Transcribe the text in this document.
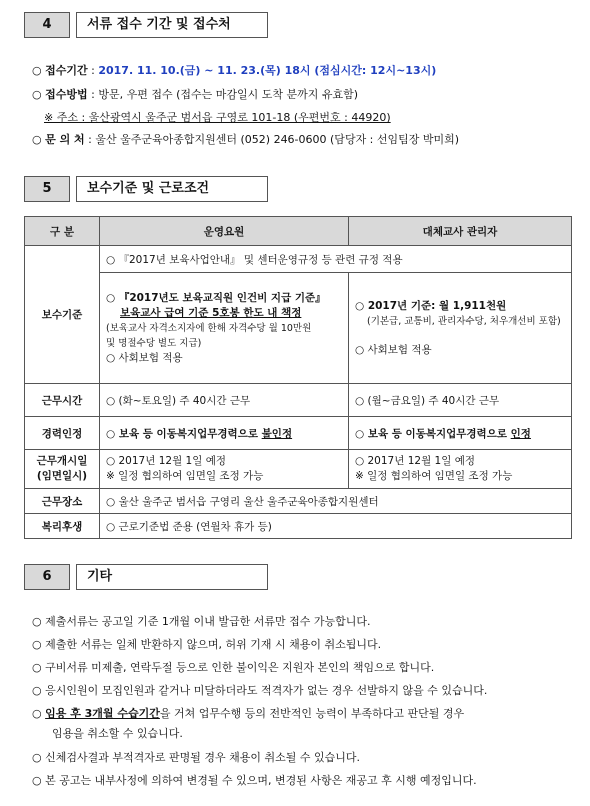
4	서류 접수 기간 및 접수처
○ 접수기간 : 2017. 11. 10.(금) ~ 11. 23.(목) 18시 (점심시간: 12시~13시)
○ 접수방법 : 방문, 우편 접수 (접수는 마감일시 도착 분까지 유효함)
※ 주소 : 울산광역시 울주군 범서읍 구영로 101-18 (우편번호 : 44920)
○ 문 의 처 : 울산 울주군육아종합지원센터 (052) 246-0600 (담당자 : 선임팀장 박미희)
5	보수기준 및 근로조건
구 분	운영요원	대체교사 관리자
보수기준	○ 『2017년 보육사업안내』 및 센터운영규정 등 관련 규정 적용	

	○ 『2017년도 보육교직원 인건비 지급 기준』
보육교사 급여 기준 5호봉 한도 내 책정
(보육교사 자격소지자에 한해 자격수당 월 10만원
및 명절수당 별도 지급)
○ 사회보험 적용	○ 2017년 기준: 월 1,911천원
(기본급, 교통비, 관리자수당, 처우개선비 포함)
○ 사회보험 적용

근무시간	○ (화~토요일) 주 40시간 근무	○ (월~금요일) 주 40시간 근무
경력인정	○ 보육 등 이동복지업무경력으로 불인정	○ 보육 등 이동복지업무경력으로 인정

근무개시일
(임면일시)	○ 2017년 12월 1일 예정
※ 일정 협의하여 임면일 조정 가능	○ 2017년 12월 1일 예정
※ 일정 협의하여 임면일 조정 가능

근무장소	○ 울산 울주군 범서읍 구영리 울산 울주군육아종합지원센터	
복리후생	○ 근로기준법 준용 (연월차 휴가 등)	
6	기타
○ 제출서류는 공고일 기준 1개월 이내 발급한 서류만 접수 가능합니다.
○ 제출한 서류는 일체 반환하지 않으며, 허위 기재 시 채용이 취소됩니다.
○ 구비서류 미제출, 연락두절 등으로 인한 불이익은 지원자 본인의 책임으로 합니다.
○ 응시인원이 모집인원과 같거나 미달하더라도 적격자가 없는 경우 선발하지 않을 수 있습니다.
○ 임용 후 3개월 수습기간을 거쳐 업무수행 등의 전반적인 능력이 부족하다고 판단될 경우
임용을 취소할 수 있습니다.
○ 신체검사결과 부적격자로 판명될 경우 채용이 취소될 수 있습니다.
○ 본 공고는 내부사정에 의하여 변경될 수 있으며, 변경된 사항은 재공고 후 시행 예정입니다.
